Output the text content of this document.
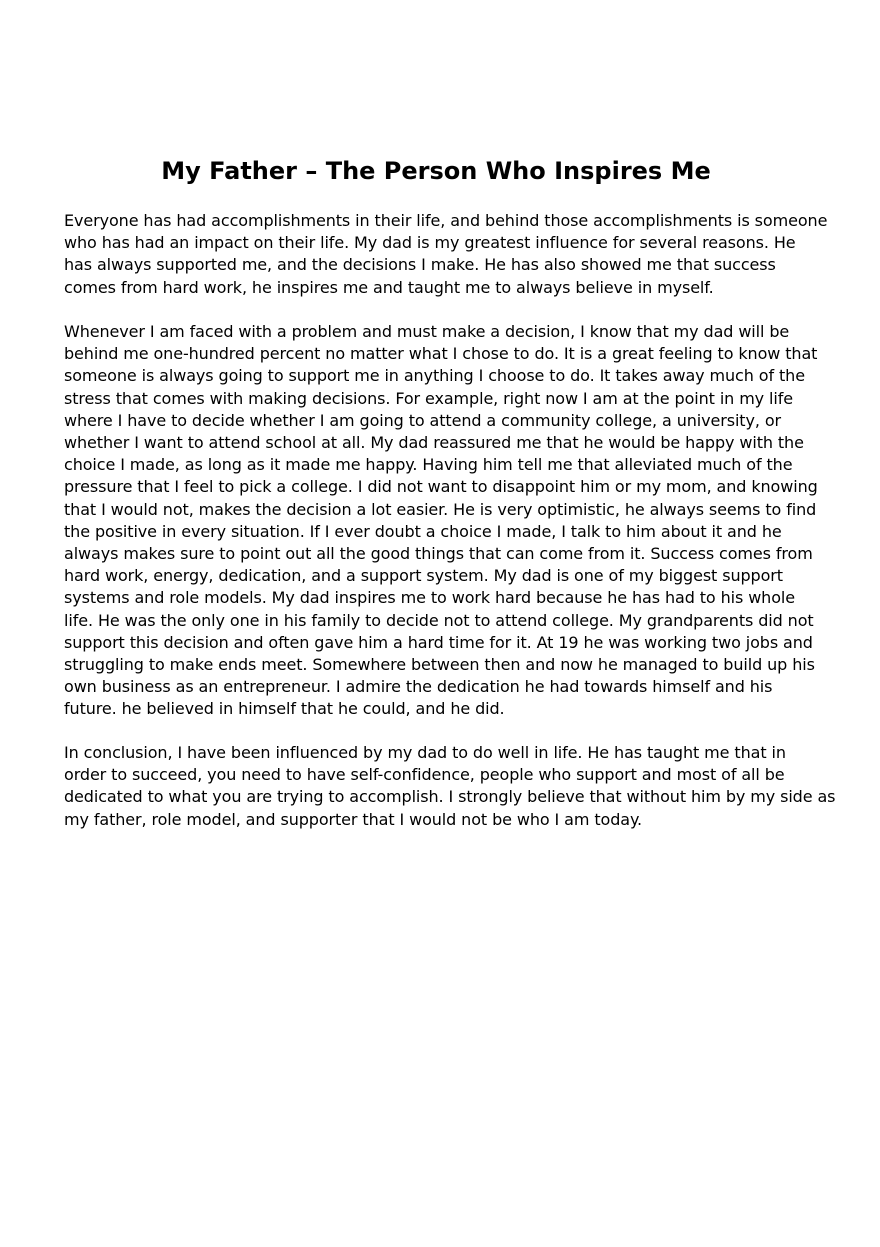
My Father – The Person Who Inspires Me

Everyone has had accomplishments in their life, and behind those accomplishments is someone
who has had an impact on their life. My dad is my greatest influence for several reasons. He
has always supported me, and the decisions I make. He has also showed me that success
comes from hard work, he inspires me and taught me to always believe in myself.

Whenever I am faced with a problem and must make a decision, I know that my dad will be
behind me one-hundred percent no matter what I chose to do. It is a great feeling to know that
someone is always going to support me in anything I choose to do. It takes away much of the
stress that comes with making decisions. For example, right now I am at the point in my life
where I have to decide whether I am going to attend a community college, a university, or
whether I want to attend school at all. My dad reassured me that he would be happy with the
choice I made, as long as it made me happy. Having him tell me that alleviated much of the
pressure that I feel to pick a college. I did not want to disappoint him or my mom, and knowing
that I would not, makes the decision a lot easier. He is very optimistic, he always seems to find
the positive in every situation. If I ever doubt a choice I made, I talk to him about it and he
always makes sure to point out all the good things that can come from it. Success comes from
hard work, energy, dedication, and a support system. My dad is one of my biggest support
systems and role models. My dad inspires me to work hard because he has had to his whole
life. He was the only one in his family to decide not to attend college. My grandparents did not
support this decision and often gave him a hard time for it. At 19 he was working two jobs and
struggling to make ends meet. Somewhere between then and now he managed to build up his
own business as an entrepreneur. I admire the dedication he had towards himself and his
future. he believed in himself that he could, and he did.

In conclusion, I have been influenced by my dad to do well in life. He has taught me that in
order to succeed, you need to have self-confidence, people who support and most of all be
dedicated to what you are trying to accomplish. I strongly believe that without him by my side as
my father, role model, and supporter that I would not be who I am today.
